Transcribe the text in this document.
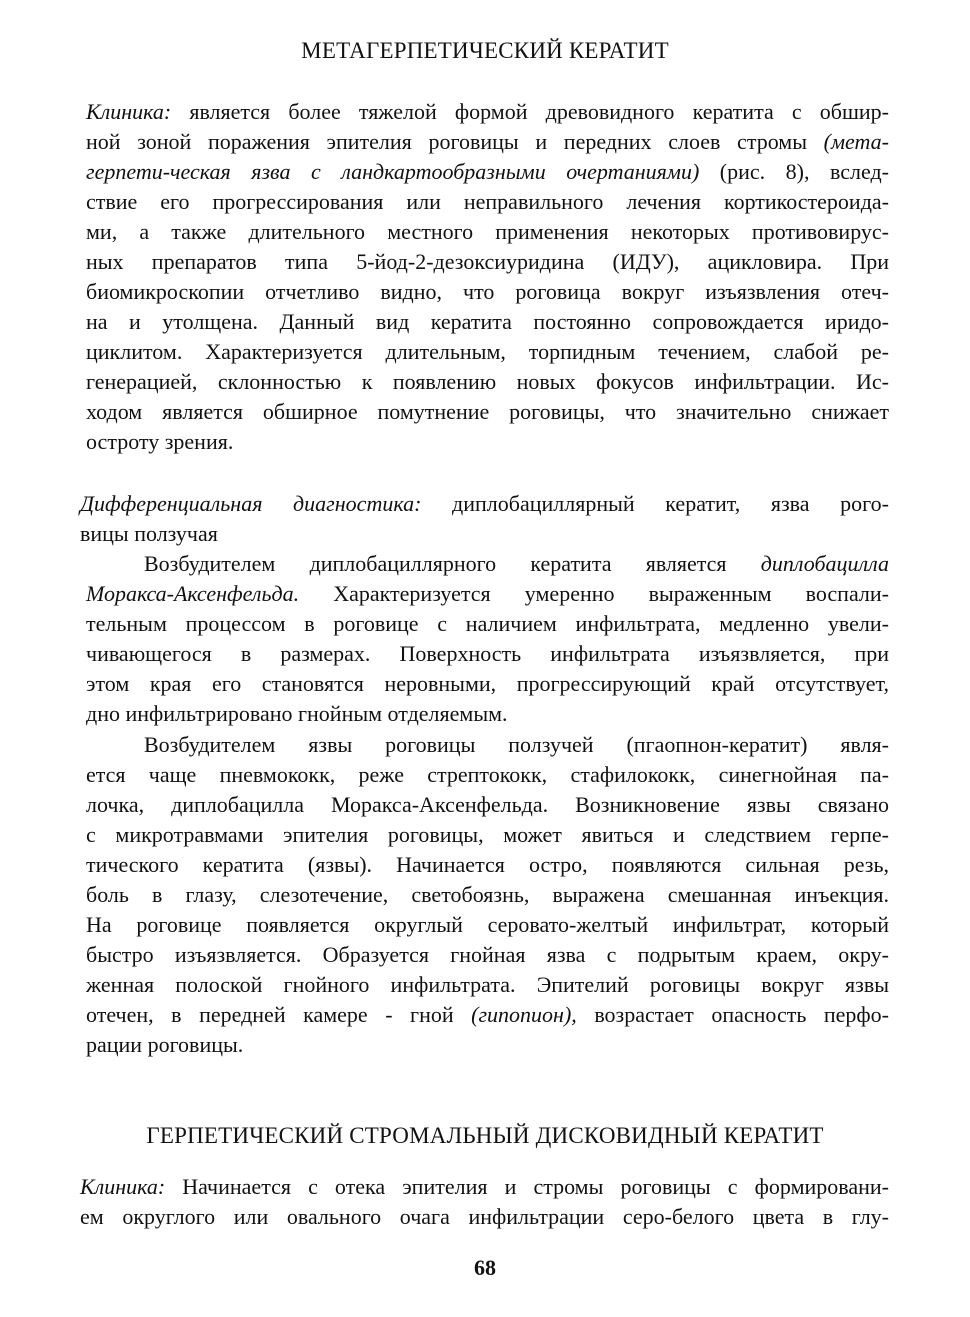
МЕТАГЕРПЕТИЧЕСКИЙ КЕРАТИТ
Клиника: является более тяжелой формой древовидного кератита с обшир-
ной зоной поражения эпителия роговицы и передних слоев стромы (мета-
герпети-ческая язва с ландкартообразными очертаниями) (рис. 8), вслед-
ствие его прогрессирования или неправильного лечения кортикостероида-
ми, а также длительного местного применения некоторых противовирус-
ных препаратов типа 5-йод-2-дезоксиуридина (ИДУ), ацикловира. При
биомикроскопии отчетливо видно, что роговица вокруг изъязвления отеч-
на и утолщена. Данный вид кератита постоянно сопровождается иридо-
циклитом. Характеризуется длительным, торпидным течением, слабой ре-
генерацией, склонностью к появлению новых фокусов инфильтрации. Ис-
ходом является обширное помутнение роговицы, что значительно снижает
остроту зрения.
Дифференциальная диагностика: диплобациллярный кератит, язва рого-
вицы ползучая
Возбудителем диплобациллярного кератита является диплобацилла
Моракса-Аксенфельда. Характеризуется умеренно выраженным воспали-
тельным процессом в роговице с наличием инфильтрата, медленно увели-
чивающегося в размерах. Поверхность инфильтрата изъязвляется, при
этом края его становятся неровными, прогрессирующий край отсутствует,
дно инфильтрировано гнойным отделяемым.
Возбудителем язвы роговицы ползучей (пгаопнон-кератит) явля-
ется чаще пневмококк, реже стрептококк, стафилококк, синегнойная па-
лочка, диплобацилла Моракса-Аксенфельда. Возникновение язвы связано
с микротравмами эпителия роговицы, может явиться и следствием герпе-
тического кератита (язвы). Начинается остро, появляются сильная резь,
боль в глазу, слезотечение, светобоязнь, выражена смешанная инъекция.
На роговице появляется округлый серовато-желтый инфильтрат, который
быстро изъязвляется. Образуется гнойная язва с подрытым краем, окру-
женная полоской гнойного инфильтрата. Эпителий роговицы вокруг язвы
отечен, в передней камере - гной (гипопион), возрастает опасность перфо-
рации роговицы.
ГЕРПЕТИЧЕСКИЙ СТРОМАЛЬНЫЙ ДИСКОВИДНЫЙ КЕРАТИТ
Клиника: Начинается с отека эпителия и стромы роговицы с формировани-
ем округлого или овального очага инфильтрации серо-белого цвета в глу-
68
